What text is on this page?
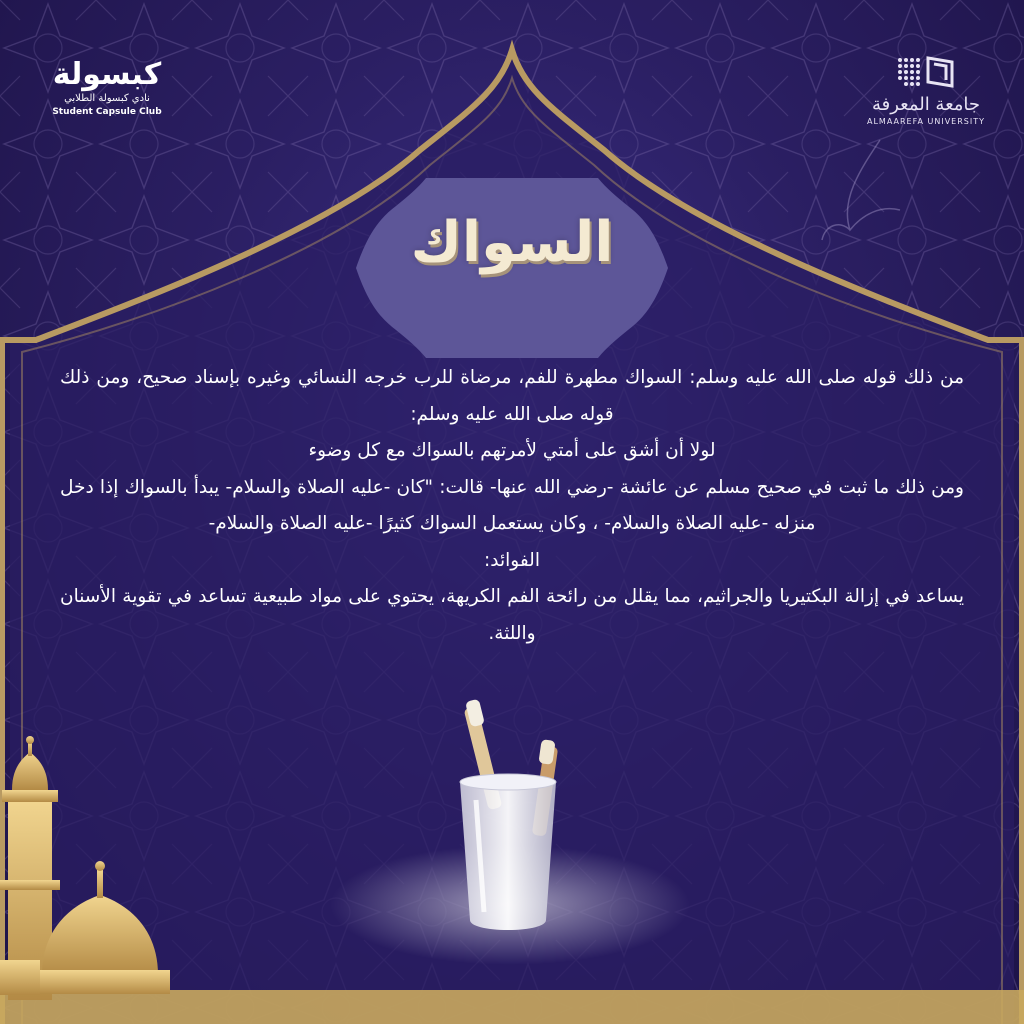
كبسولة
نادي كبسولة الطلابي
Student Capsule Club	جامعة المعرفة
ALMAAREFA UNIVERSITY
السواك
من ذلك قوله صلى الله عليه وسلم: السواك مطهرة للفم، مرضاة للرب خرجه النسائي وغيره بإسناد صحيح، ومن ذلك قوله صلى الله عليه وسلم:
لولا أن أشق على أمتي لأمرتهم بالسواك مع كل وضوء
ومن ذلك ما ثبت في صحيح مسلم عن عائشة -رضي الله عنها- قالت: "كان -عليه الصلاة والسلام- يبدأ بالسواك إذا دخل منزله -عليه الصلاة والسلام- ، وكان يستعمل السواك كثيرًا -عليه الصلاة والسلام-
الفوائد:
يساعد في إزالة البكتيريا والجراثيم، مما يقلل من رائحة الفم الكريهة، يحتوي على مواد طبيعية تساعد في تقوية الأسنان واللثة.
